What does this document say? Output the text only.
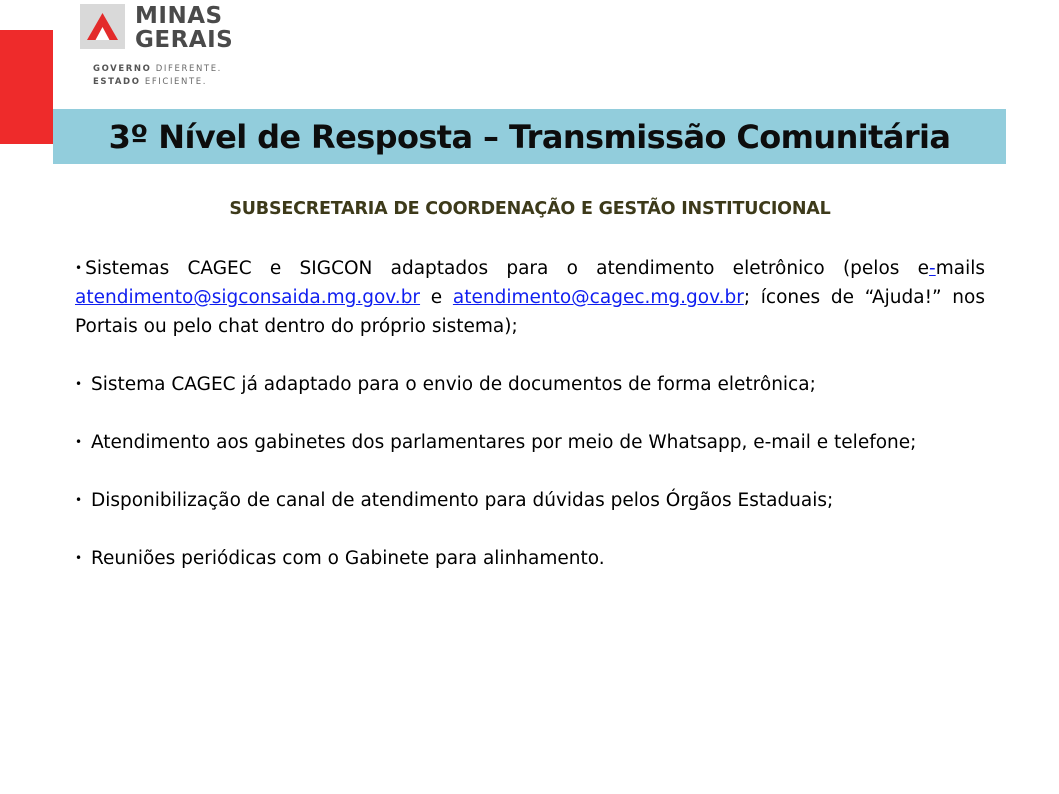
MINAS
GERAIS
GOVERNO DIFERENTE.
ESTADO EFICIENTE.
3º Nível de Resposta – Transmissão Comunitária
SUBSECRETARIA DE COORDENAÇÃO E GESTÃO INSTITUCIONAL

• Sistemas CAGEC e SIGCON adaptados para o atendimento eletrônico (pelos e-mails atendimento@sigconsaida.mg.gov.br e atendimento@cagec.mg.gov.br; ícones de “Ajuda!” nos Portais ou pelo chat dentro do próprio sistema);

• Sistema CAGEC já adaptado para o envio de documentos de forma eletrônica;

• Atendimento aos gabinetes dos parlamentares por meio de Whatsapp, e-mail e telefone;

• Disponibilização de canal de atendimento para dúvidas pelos Órgãos Estaduais;

• Reuniões periódicas com o Gabinete para alinhamento.
